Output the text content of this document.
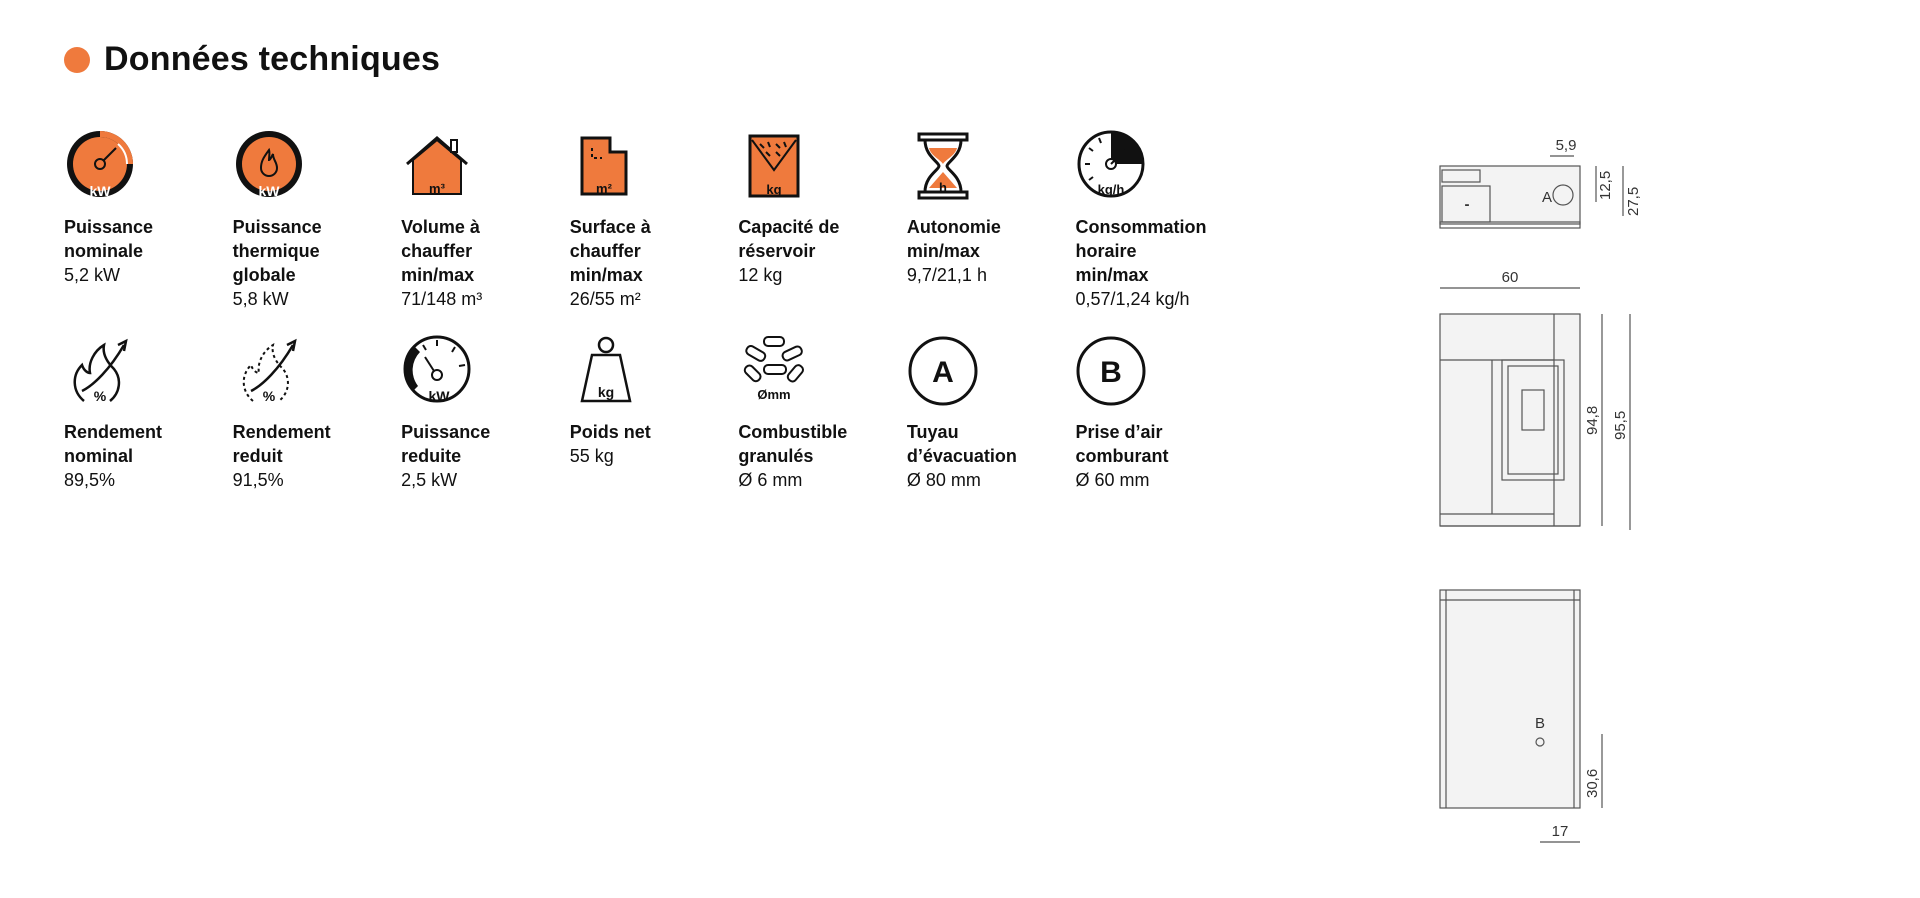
Données techniques
kW
Puissance
nominale
5,2 kW
kW
Puissance
thermique
globale
5,8 kW
m³
Volume à
chauffer
min/max
71/148 m³
m²
Surface à
chauffer
min/max
26/55 m²
kg
Capacité de
réservoir
12 kg
h
Autonomie
min/max
9,7/21,1 h
kg/h
Consommation
horaire
min/max
0,57/1,24 kg/h
%
Rendement
nominal
89,5%
%
Rendement
reduit
91,5%
kW
Puissance
reduite
2,5 kW
kg
Poids net
55 kg
Ømm
Combustible
granulés
Ø 6 mm
A
Tuyau
d’évacuation
Ø 80 mm
B
Prise d’air
comburant
Ø 60 mm
5,9
12,5
27,5
A
-
60
94,8 95,5
B
30,6
17
